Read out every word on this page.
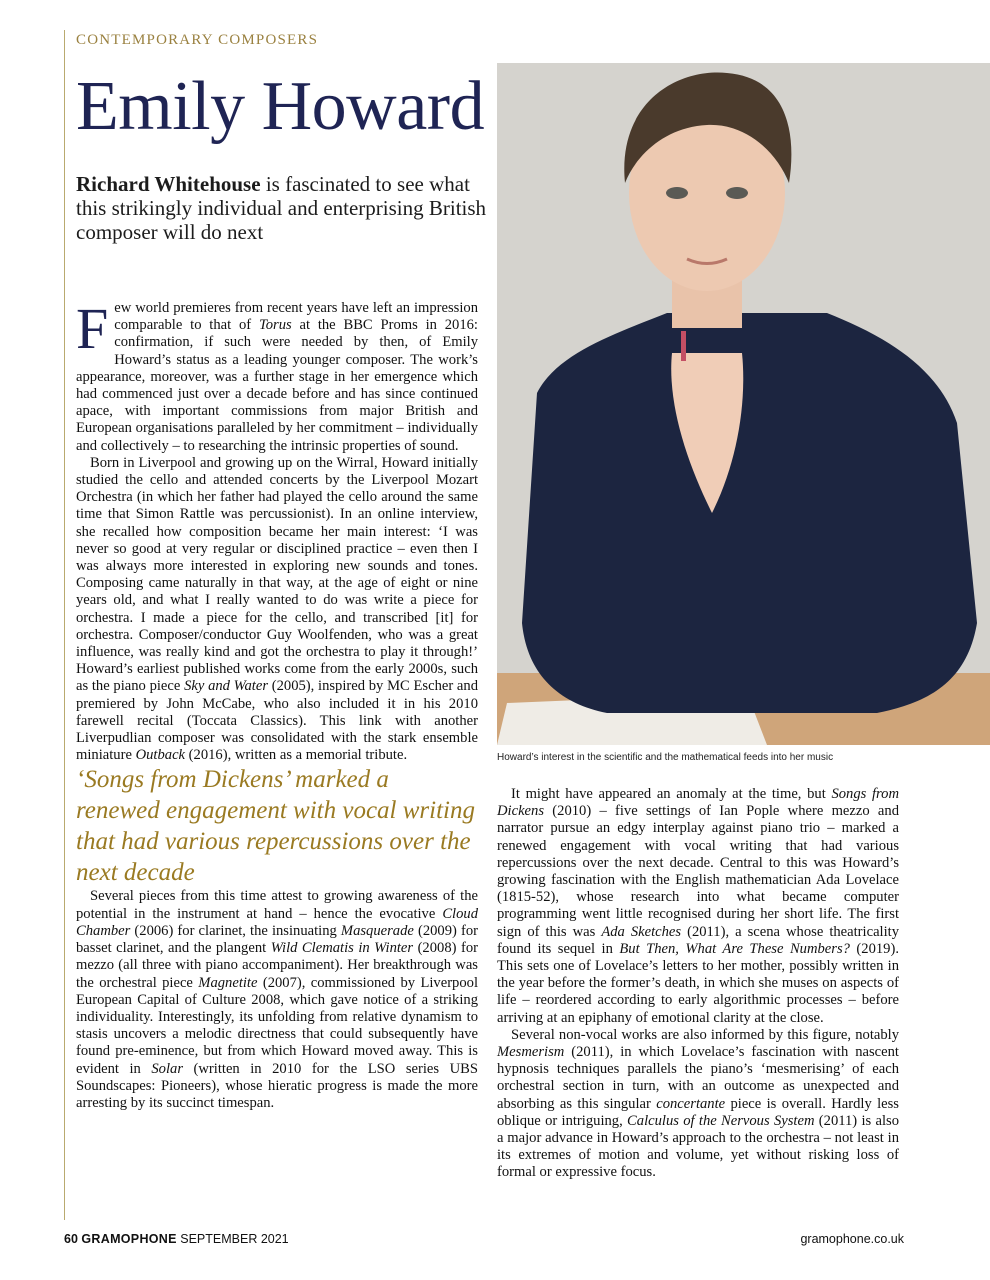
CONTEMPORARY COMPOSERS
Emily Howard

Richard Whitehouse is fascinated to see what this strikingly individual and enterprising British composer will do next

Few world premieres from recent years have left an impression comparable to that of Torus at the BBC Proms in 2016: confirmation, if such were needed by then, of Emily Howard’s status as a leading younger composer. The work’s appearance, moreover, was a further stage in her emergence which had commenced just over a decade before and has since continued apace, with important commissions from major British and European organisations paralleled by her commitment – individually and collectively – to researching the intrinsic properties of sound.

Born in Liverpool and growing up on the Wirral, Howard initially studied the cello and attended concerts by the Liverpool Mozart Orchestra (in which her father had played the cello around the same time that Simon Rattle was percussionist). In an online interview, she recalled how composition became her main interest: ‘I was never so good at very regular or disciplined practice – even then I was always more interested in exploring new sounds and tones. Composing came naturally in that way, at the age of eight or nine years old, and what I really wanted to do was write a piece for orchestra. I made a piece for the cello, and transcribed [it] for orchestra. Composer/conductor Guy Woolfenden, who was a great influence, was really kind and got the orchestra to play it through!’ Howard’s earliest published works come from the early 2000s, such as the piano piece Sky and Water (2005), inspired by MC Escher and premiered by John McCabe, who also included it in his 2010 farewell recital (Toccata Classics). This link with another Liverpudlian composer was consolidated with the stark ensemble miniature Outback (2016), written as a memorial tribute.

‘Songs from Dickens’ marked a renewed engagement with vocal writing that had various repercussions over the next decade

Several pieces from this time attest to growing awareness of the potential in the instrument at hand – hence the evocative Cloud Chamber (2006) for clarinet, the insinuating Masquerade (2009) for basset clarinet, and the plangent Wild Clematis in Winter (2008) for mezzo (all three with piano accompaniment). Her breakthrough was the orchestral piece Magnetite (2007), commissioned by Liverpool European Capital of Culture 2008, which gave notice of a striking individuality. Interestingly, its unfolding from relative dynamism to stasis uncovers a melodic directness that could subsequently have found pre-eminence, but from which Howard moved away. This is evident in Solar (written in 2010 for the LSO series UBS Soundscapes: Pioneers), whose hieratic progress is made the more arresting by its succinct timespan.

Howard’s interest in the scientific and the mathematical feeds into her music

It might have appeared an anomaly at the time, but Songs from Dickens (2010) – five settings of Ian Pople where mezzo and narrator pursue an edgy interplay against piano trio – marked a renewed engagement with vocal writing that had various repercussions over the next decade. Central to this was Howard’s growing fascination with the English mathematician Ada Lovelace (1815-52), whose research into what became computer programming went little recognised during her short life. The first sign of this was Ada Sketches (2011), a scena whose theatricality found its sequel in But Then, What Are These Numbers? (2019). This sets one of Lovelace’s letters to her mother, possibly written in the year before the former’s death, in which she muses on aspects of life – reordered according to early algorithmic processes – before arriving at an epiphany of emotional clarity at the close.

Several non-vocal works are also informed by this figure, notably Mesmerism (2011), in which Lovelace’s fascination with nascent hypnosis techniques parallels the piano’s ‘mesmerising’ of each orchestral section in turn, with an outcome as unexpected and absorbing as this singular concertante piece is overall. Hardly less oblique or intriguing, Calculus of the Nervous System (2011) is also a major advance in Howard’s approach to the orchestra – not least in its extremes of motion and volume, yet without risking loss of formal or expressive focus.

60 GRAMOPHONE SEPTEMBER 2021	gramophone.co.uk
